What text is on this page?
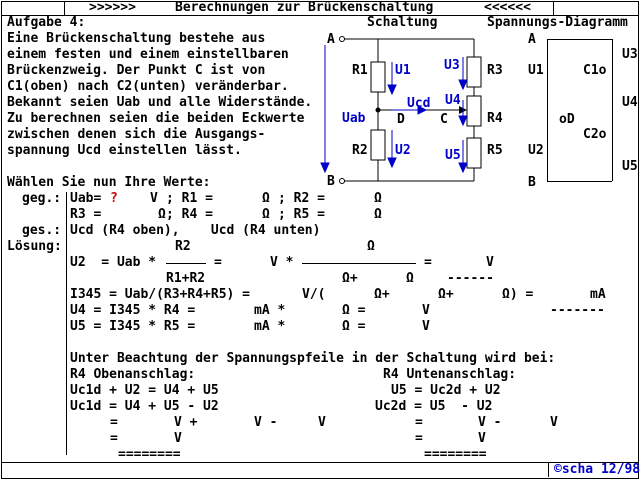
>>>>>>	Berechnungen zur Brückenschaltung	<<<<<<
Aufgabe 4:
Eine Brückenschaltung bestehe aus
einem festen und einem einstellbaren
Brückenzweig. Der Punkt C ist von
C1(oben) nach C2(unten) veränderbar.
Bekannt seien Uab und alle Widerstände.
Zu berechnen seien die beiden Eckwerte
zwischen denen sich die Ausgangs-
spannung Ucd einstellen lässt.
Schaltung
A
B
R1
R2
R3
R4
R5
D	C
Uab
U1
U2
U3
U4
U5
Ucd
Spannungs-Diagramm
A
B
U1
U2
oD
C1o
C2o
U3
U4
U5
Wählen Sie nun Ihre Werte:
geg.: Uab= ? V ; R1 =	Ω ; R2 =	Ω
R3 =	Ω ; R4 =	Ω ; R5 =	Ω
ges.: Ucd (R4 oben),    Ucd (R4 unten)
Lösung:	R2	Ω
U2  = Uab *	=	V *	=	V
R1+R2	Ω+	Ω	------
I345 = Uab/(R3+R4+R5) =	V/(	Ω+	Ω+	Ω) =	mA
U4 = I345 * R4 =	mA *	Ω =	V	-------
U5 = I345 * R5 =	mA *	Ω =	V
Unter Beachtung der Spannungspfeile in der Schaltung wird bei:
R4 Obenanschlag:
Uc1d + U2 = U4 + U5
Uc1d = U4 + U5 - U2
=	V +	V -	V
=	V
========
R4 Untenanschlag:
U5 = Uc2d + U2
Uc2d = U5  - U2
=	V -	V
=	V
========
©scha 12/98
